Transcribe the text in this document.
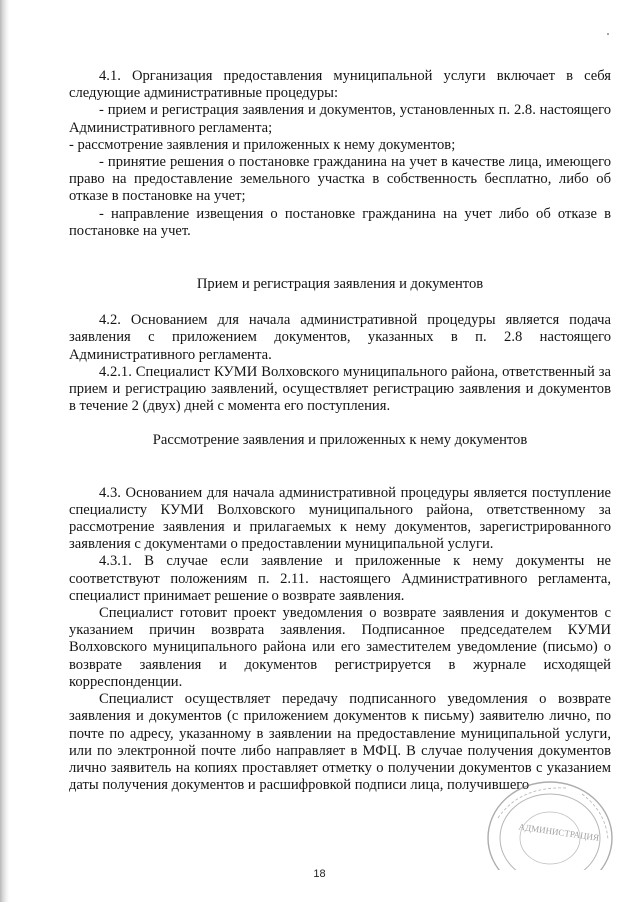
4.1. Организация предоставления муниципальной услуги включает в себя следующие административные процедуры:

- прием и регистрация заявления и документов, установленных п. 2.8. настоящего Административного регламента;

- рассмотрение заявления и приложенных к нему документов;

- принятие решения о постановке гражданина на учет в качестве лица, имеющего право на предоставление земельного участка в собственность бесплатно, либо об отказе в постановке на учет;

- направление извещения о постановке гражданина на учет либо об отказе в постановке на учет.

Прием и регистрация заявления и документов

4.2. Основанием для начала административной процедуры является подача заявления с приложением документов, указанных в п. 2.8 настоящего Административного регламента.

4.2.1. Специалист КУМИ Волховского муниципального района, ответственный за прием и регистрацию заявлений, осуществляет регистрацию заявления и документов в течение 2 (двух) дней с момента его поступления.

Рассмотрение заявления и приложенных к нему документов

4.3. Основанием для начала административной процедуры является поступление специалисту КУМИ Волховского муниципального района, ответственному за рассмотрение заявления и прилагаемых к нему документов, зарегистрированного заявления с документами о предоставлении муниципальной услуги.

4.3.1. В случае если заявление и приложенные к нему документы не соответствуют положениям п. 2.11. настоящего Административного регламента, специалист принимает решение о возврате заявления.

Специалист готовит проект уведомления о возврате заявления и документов с указанием причин возврата заявления. Подписанное председателем КУМИ Волховского муниципального района или его заместителем уведомление (письмо) о возврате заявления и документов регистрируется в журнале исходящей корреспонденции.

Специалист осуществляет передачу подписанного уведомления о возврате заявления и документов (с приложением документов к письму) заявителю лично, по почте по адресу, указанному в заявлении на предоставление муниципальной услуги, или по электронной почте либо направляет в МФЦ. В случае получения документов лично заявитель на копиях проставляет отметку о получении документов с указанием даты получения документов и расшифровкой подписи лица, получившего

АДМИНИСТРАЦИЯ
18
